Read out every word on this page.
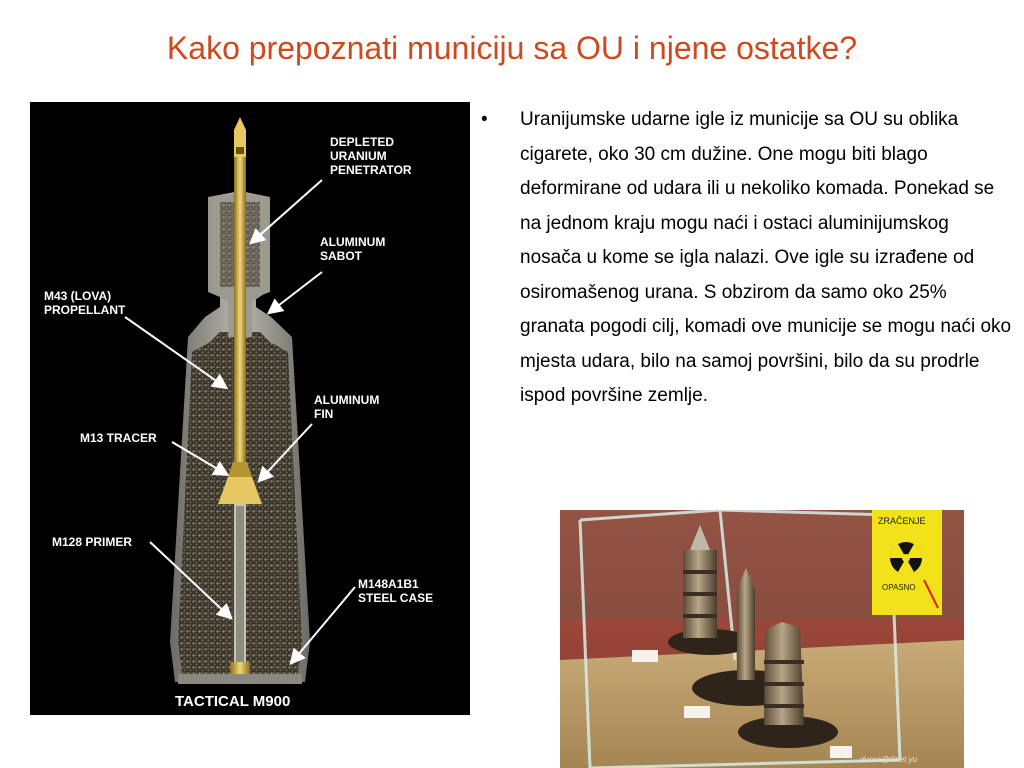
Kako prepoznati municiju sa OU i njene ostatke?
DEPLETED
URANIUM
PENETRATOR
ALUMINUM
SABOT
M43 (LOVA)
PROPELLANT
ALUMINUM
FIN
M13 TRACER
M128 PRIMER
M148A1B1
STEEL CASE
TACTICAL M900
• Uranijumske udarne igle iz municije sa OU su oblika cigarete, oko 30 cm dužine. One mogu biti blago deformirane od udara ili u nekoliko komada. Ponekad se na jednom kraju mogu naći i ostaci aluminijumskog nosača u kome se igla nalazi. Ove igle su izrađene od osiromašenog urana. S obzirom da samo oko 25% granata pogodi cilj, komadi ove municije se mogu naći oko mjesta udara, bilo na samoj površini, bilo da su prodrle ispod površine zemlje.
ZRAČENJE
OPASNO
ducca@tlinet.yu
